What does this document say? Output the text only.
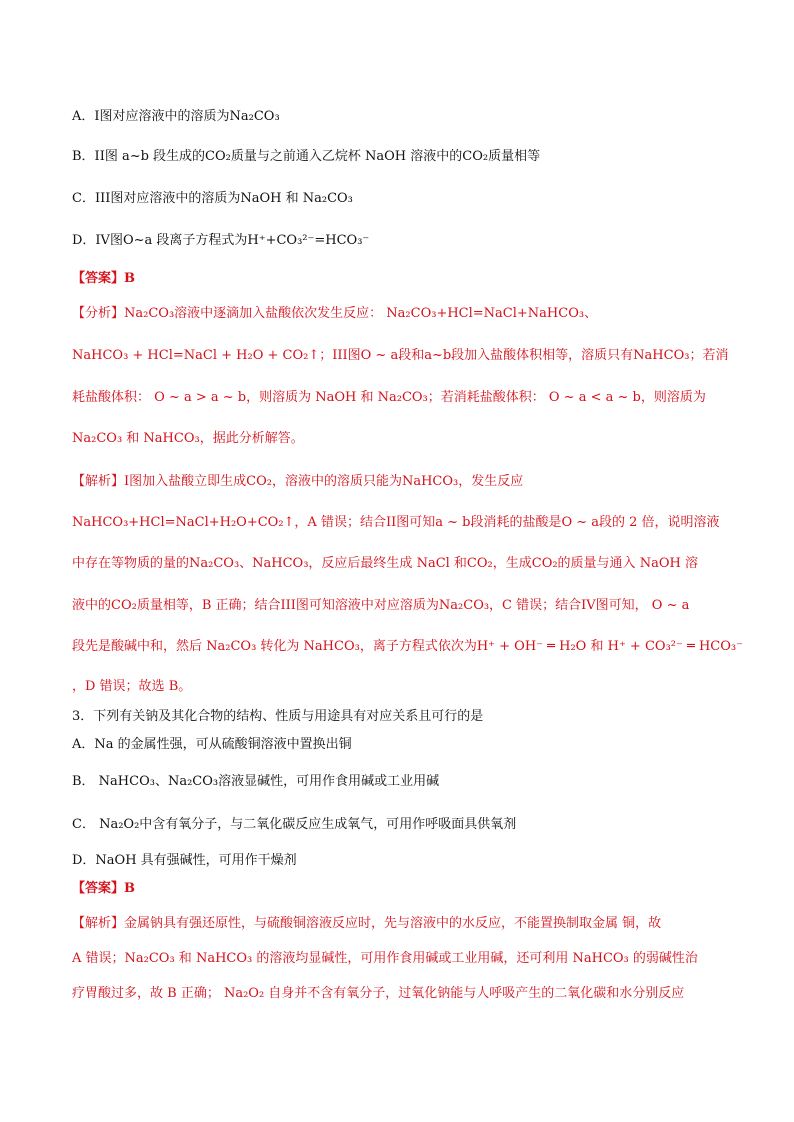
A．I图对应溶液中的溶质为Na₂CO₃
B．II图 a~b 段生成的CO₂质量与之前通入乙烷杯 NaOH 溶液中的CO₂质量相等
C．III图对应溶液中的溶质为NaOH 和 Na₂CO₃
D．IV图O~a 段离子方程式为H⁺+CO₃²⁻=HCO₃⁻
【答案】B
【分析】Na₂CO₃溶液中逐滴加入盐酸依次发生反应： Na₂CO₃+HCl=NaCl+NaHCO₃、
NaHCO₃ + HCl=NaCl + H₂O + CO₂↑；III图O ~ a段和a~b段加入盐酸体积相等，溶质只有NaHCO₃；若消
耗盐酸体积： O ~ a > a ~ b，则溶质为 NaOH 和 Na₂CO₃；若消耗盐酸体积： O ~ a < a ~ b，则溶质为
Na₂CO₃ 和 NaHCO₃，据此分析解答。
【解析】I图加入盐酸立即生成CO₂，溶液中的溶质只能为NaHCO₃，发生反应
NaHCO₃+HCl=NaCl+H₂O+CO₂↑，A 错误；结合II图可知a ~ b段消耗的盐酸是O ~ a段的 2 倍，说明溶液
中存在等物质的量的Na₂CO₃、NaHCO₃，反应后最终生成 NaCl 和CO₂，生成CO₂的质量与通入 NaOH 溶
液中的CO₂质量相等，B 正确；结合III图可知溶液中对应溶质为Na₂CO₃，C 错误；结合IV图可知， O ~ a
段先是酸碱中和，然后 Na₂CO₃ 转化为 NaHCO₃，离子方程式依次为H⁺ + OH⁻ ═ H₂O 和 H⁺ + CO₃²⁻ ═ HCO₃⁻
，D 错误；故选 B。
3．下列有关钠及其化合物的结构、性质与用途具有对应关系且可行的是
A．Na 的金属性强，可从硫酸铜溶液中置换出铜
B． NaHCO₃、Na₂CO₃溶液显碱性，可用作食用碱或工业用碱
C． Na₂O₂中含有氧分子，与二氧化碳反应生成氧气，可用作呼吸面具供氧剂
D．NaOH 具有强碱性，可用作干燥剂
【答案】B
【解析】金属钠具有强还原性，与硫酸铜溶液反应时，先与溶液中的水反应，不能置换制取金属 铜，故
A 错误；Na₂CO₃ 和 NaHCO₃ 的溶液均显碱性，可用作食用碱或工业用碱，还可利用 NaHCO₃ 的弱碱性治
疗胃酸过多，故 B 正确； Na₂O₂ 自身并不含有氧分子，过氧化钠能与人呼吸产生的二氧化碳和水分别反应
